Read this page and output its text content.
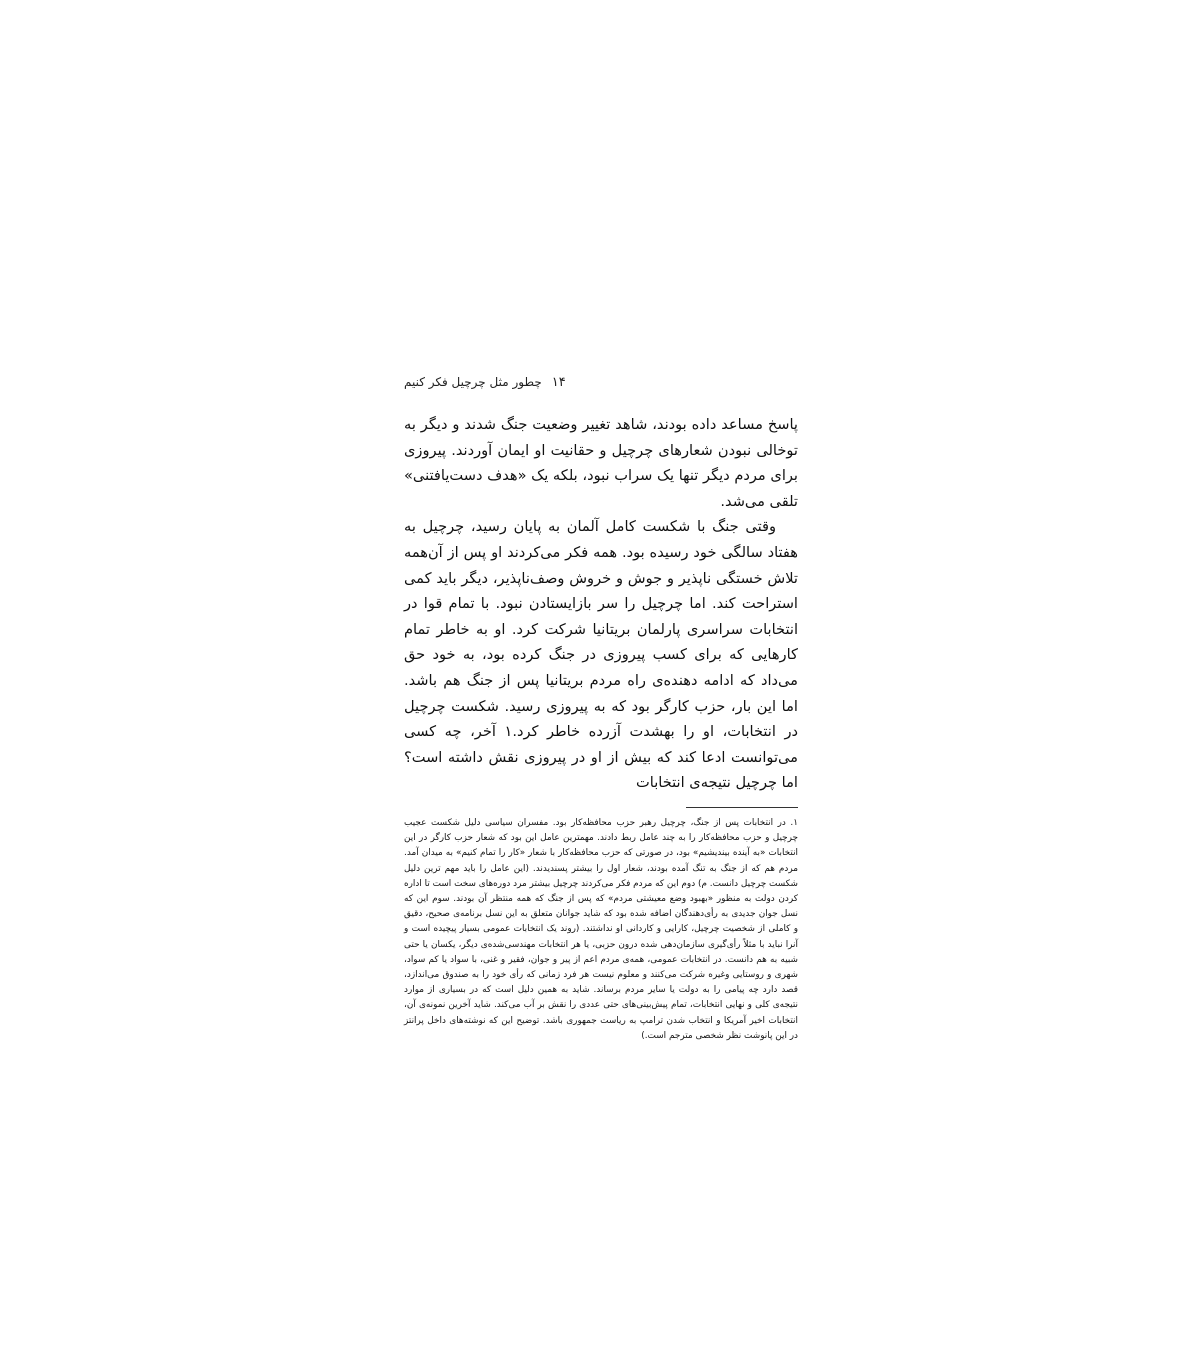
۱۴
چطور مثل چرچیل فکر کنیم

پاسخ مساعد داده بودند، شاهد تغییر وضعیت جنگ شدند و دیگر به توخالی نبودن شعارهای چرچیل و حقانیت او ایمان آوردند. پیروزی برای مردم دیگر تنها یک سراب نبود، بلکه یک «هدف دست‌یافتنی» تلقی می‌شد.

وقتی جنگ با شکست کامل آلمان به پایان رسید، چرچیل به هفتاد سالگی خود رسیده بود. همه فکر می‌کردند او پس از آن‌همه تلاش خستگی ناپذیر و جوش و خروش وصف‌ناپذیر، دیگر باید کمی استراحت کند. اما چرچیل را سر بازایستادن نبود. با تمام قوا در انتخابات سراسری پارلمان بریتانیا شرکت کرد. او به خاطر تمام کارهایی که برای کسب پیروزی در جنگ کرده بود، به خود حق می‌داد که ادامه دهنده‌ی راه مردم بریتانیا پس از جنگ هم باشد. اما این بار، حزب کارگر بود که به پیروزی رسید. شکست چرچیل در انتخابات، او را بهشدت آزرده خاطر کرد.۱ آخر، چه کسی می‌توانست ادعا کند که بیش از او در پیروزی نقش داشته است؟ اما چرچیل نتیجه‌ی انتخابات

۱. در انتخابات پس از جنگ، چرچیل رهبر حزب محافظه‌کار بود. مفسران سیاسی دلیل شکست عجیب چرچیل و حزب محافظه‌کار را به چند عامل ربط دادند. مهمترین عامل این بود که شعار حزب کارگر در این انتخابات «به آینده بیندیشیم» بود، در صورتی که حزب محافظه‌کار با شعار «کار را تمام کنیم» به میدان آمد. مردم هم که از جنگ به تنگ آمده بودند، شعار اول را بیشتر پسندیدند. (این عامل را باید مهم ترین دلیل شکست چرچیل دانست. م) دوم این که مردم فکر می‌کردند چرچیل بیشتر مرد دوره‌های سخت است تا اداره کردن دولت به منظور «بهبود وضع معیشتی مردم» که پس از جنگ که همه منتظر آن بودند. سوم این که نسل جوان جدیدی به رأی‌دهندگان اضافه شده بود که شاید جوانان متعلق به این نسل برنامه‌ی صحیح، دقیق و کاملی از شخصیت چرچیل، کارایی و کاردانی او نداشتند. (روند یک انتخابات عمومی بسیار پیچیده است و آنرا نباید با مثلاً رأی‌گیری سازمان‌دهی شده درون حزبی، یا هر انتخابات مهندسی‌شده‌ی دیگر، یکسان یا حتی شبیه به هم دانست. در انتخابات عمومی، همه‌ی مردم اعم از پیر و جوان، فقیر و غنی، با سواد یا کم سواد، شهری و روستایی وغیره شرکت می‌کنند و معلوم نیست هر فرد زمانی که رأی خود را به صندوق می‌اندازد، قصد دارد چه پیامی را به دولت یا سایر مردم برساند. شاید به همین دلیل است که در بسیاری از موارد نتیجه‌ی کلی و نهایی انتخابات، تمام پیش‌بینی‌های حتی عددی را نقش بر آب می‌کند. شاید آخرین نمونه‌ی آن، انتخابات اخیر آمریکا و انتخاب شدن ترامپ به ریاست جمهوری باشد. توضیح این که نوشته‌های داخل پرانتز در این پانوشت نظر شخصی مترجم است.)
